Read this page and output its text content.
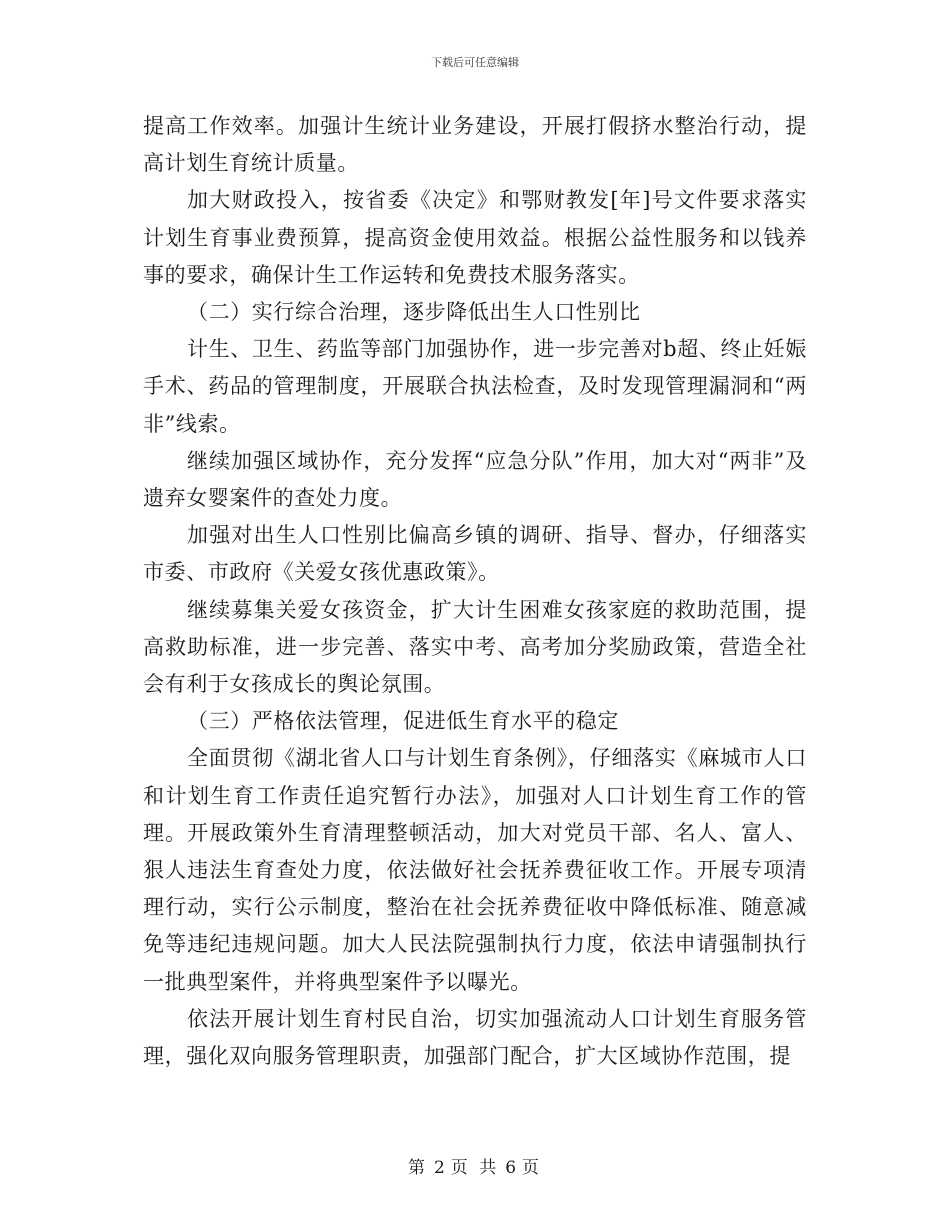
下载后可任意编辑

提高工作效率。加强计生统计业务建设，开展打假挤水整治行动，提高计划生育统计质量。

加大财政投入，按省委《决定》和鄂财教发[年]号文件要求落实计划生育事业费预算，提高资金使用效益。根据公益性服务和以钱养事的要求，确保计生工作运转和免费技术服务落实。

（二）实行综合治理，逐步降低出生人口性别比

计生、卫生、药监等部门加强协作，进一步完善对b超、终止妊娠手术、药品的管理制度，开展联合执法检查，及时发现管理漏洞和“两非”线索。

继续加强区域协作，充分发挥“应急分队”作用，加大对“两非”及遗弃女婴案件的查处力度。

加强对出生人口性别比偏高乡镇的调研、指导、督办，仔细落实市委、市政府《关爱女孩优惠政策》。

继续募集关爱女孩资金，扩大计生困难女孩家庭的救助范围，提高救助标准，进一步完善、落实中考、高考加分奖励政策，营造全社会有利于女孩成长的舆论氛围。

（三）严格依法管理，促进低生育水平的稳定

全面贯彻《湖北省人口与计划生育条例》，仔细落实《麻城市人口和计划生育工作责任追究暂行办法》，加强对人口计划生育工作的管理。开展政策外生育清理整顿活动，加大对党员干部、名人、富人、狠人违法生育查处力度，依法做好社会抚养费征收工作。开展专项清理行动，实行公示制度，整治在社会抚养费征收中降低标准、随意减免等违纪违规问题。加大人民法院强制执行力度，依法申请强制执行一批典型案件，并将典型案件予以曝光。

依法开展计划生育村民自治，切实加强流动人口计划生育服务管理，强化双向服务管理职责，加强部门配合，扩大区域协作范围，提

第 2 页 共 6 页
